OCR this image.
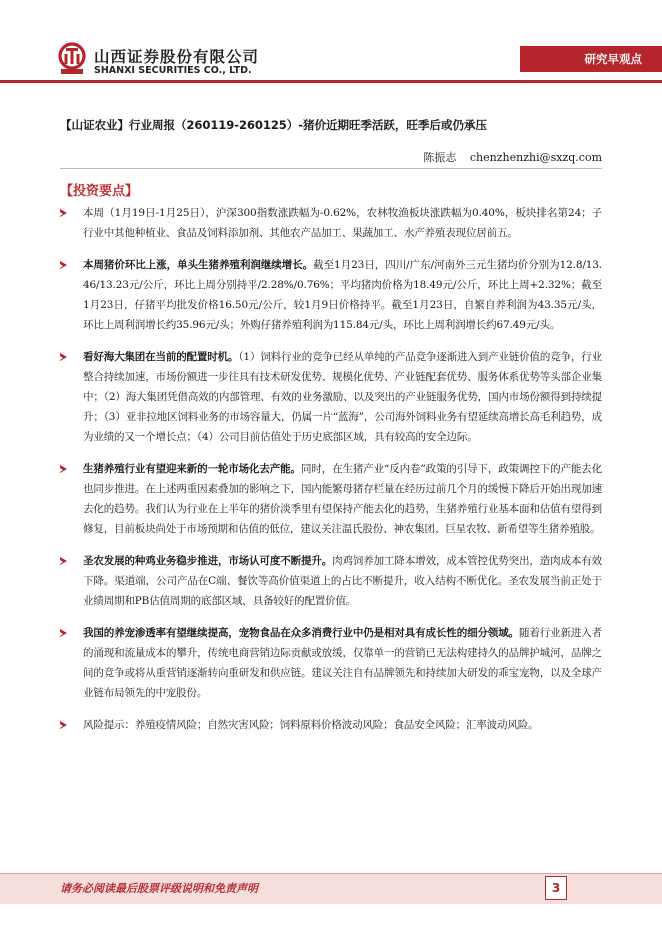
山西证券股份有限公司
SHANXI SECURITIES CO., LTD.
研究早观点
【山证农业】行业周报（260119-260125）-猪价近期旺季活跃，旺季后或仍承压
陈振志 chenzhenzhi@sxzq.com
【投资要点】

本周（1月19日-1月25日），沪深300指数涨跌幅为-0.62%，农林牧渔板块涨跌幅为0.40%，板块排名第24；子行业中其他种植业、食品及饲料添加剂、其他农产品加工、果蔬加工、水产养殖表现位居前五。

本周猪价环比上涨，单头生猪养殖利润继续增长。截至1月23日，四川/广东/河南外三元生猪均价分别为12.8/13.46/13.23元/公斤，环比上周分别持平/2.28%/0.76%；平均猪肉价格为18.49元/公斤，环比上周+2.32%；截至1月23日，仔猪平均批发价格16.50元/公斤，较1月9日价格持平。截至1月23日，自繁自养利润为43.35元/头，环比上周利润增长约35.96元/头；外购仔猪养殖利润为115.84元/头，环比上周利润增长约67.49元/头。

看好海大集团在当前的配置时机。（1）饲料行业的竞争已经从单纯的产品竞争逐渐进入到产业链价值的竞争，行业整合持续加速，市场份额进一步往具有技术研发优势、规模化优势、产业链配套优势、服务体系优势等头部企业集中；（2）海大集团凭借高效的内部管理、有效的业务激励、以及突出的产业链服务优势，国内市场份额得到持续提升；（3）亚非拉地区饲料业务的市场容量大，仍属一片“蓝海”，公司海外饲料业务有望延续高增长高毛利趋势，成为业绩的又一个增长点；（4）公司目前估值处于历史底部区域，具有较高的安全边际。

生猪养殖行业有望迎来新的一轮市场化去产能。同时，在生猪产业“反内卷”政策的引导下，政策调控下的产能去化也同步推进。在上述两重因素叠加的影响之下，国内能繁母猪存栏量在经历过前几个月的缓慢下降后开始出现加速去化的趋势。我们认为行业在上半年的猪价淡季里有望保持产能去化的趋势，生猪养殖行业基本面和估值有望得到修复，目前板块尚处于市场预期和估值的低位，建议关注温氏股份、神农集团、巨星农牧、新希望等生猪养殖股。

圣农发展的种鸡业务稳步推进，市场认可度不断提升。肉鸡饲养加工降本增效，成本管控优势突出，造肉成本有效下降。渠道端，公司产品在C端、餐饮等高价值渠道上的占比不断提升，收入结构不断优化。圣农发展当前正处于业绩周期和PB估值周期的底部区域，具备较好的配置价值。

我国的养宠渗透率有望继续提高，宠物食品在众多消费行业中仍是相对具有成长性的细分领域。随着行业新进入者的涌现和流量成本的攀升，传统电商营销边际贡献或放缓，仅靠单一的营销已无法构建持久的品牌护城河，品牌之间的竞争或将从重营销逐渐转向重研发和供应链。建议关注自有品牌领先和持续加大研发的乖宝宠物，以及全球产业链布局领先的中宠股份。

风险提示：养殖疫情风险；自然灾害风险；饲料原料价格波动风险；食品安全风险；汇率波动风险。

请务必阅读最后股票评级说明和免责声明	3
